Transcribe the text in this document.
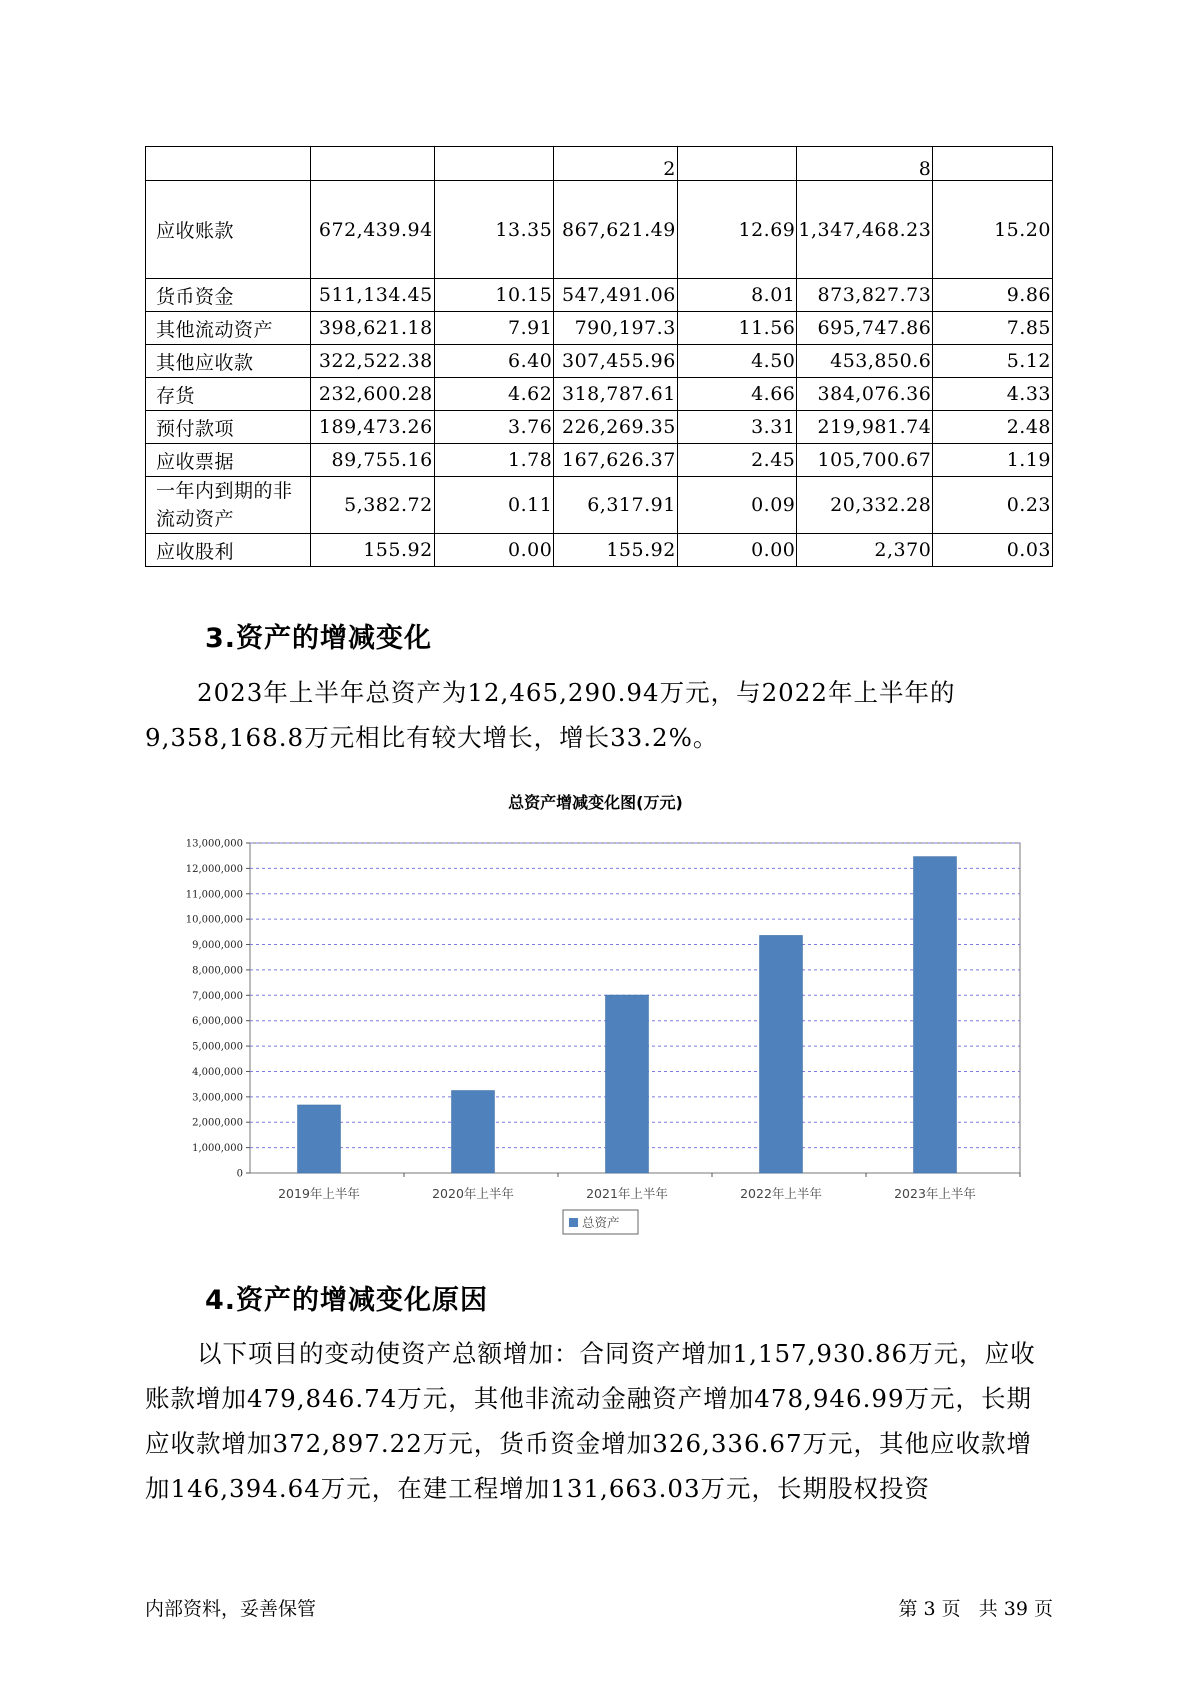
			2		8	
应收账款	672,439.94	13.35	867,621.49	12.69	1,347,468.23	15.20
货币资金	511,134.45	10.15	547,491.06	8.01	873,827.73	9.86
其他流动资产	398,621.18	7.91	790,197.3	11.56	695,747.86	7.85
其他应收款	322,522.38	6.40	307,455.96	4.50	453,850.6	5.12
存货	232,600.28	4.62	318,787.61	4.66	384,076.36	4.33
预付款项	189,473.26	3.76	226,269.35	3.31	219,981.74	2.48
应收票据	89,755.16	1.78	167,626.37	2.45	105,700.67	1.19
一年内到期的非流动资产	5,382.72	0.11	6,317.91	0.09	20,332.28	0.23
应收股利	155.92	0.00	155.92	0.00	2,370	0.03
3.资产的增减变化

2023年上半年总资产为12,465,290.94万元，与2022年上半年的9,358,168.8万元相比有较大增长，增长33.2%。

总资产增减变化图(万元)
0
1,000,000
2,000,000
3,000,000
4,000,000
5,000,000
6,000,000
7,000,000
8,000,000
9,000,000
10,000,000
11,000,000
12,000,000
13,000,000
2019年上半年	2020年上半年	2021年上半年	2022年上半年	2023年上半年
总资产
4.资产的增减变化原因

以下项目的变动使资产总额增加：合同资产增加1,157,930.86万元，应收账款增加479,846.74万元，其他非流动金融资产增加478,946.99万元，长期应收款增加372,897.22万元，货币资金增加326,336.67万元，其他应收款增加146,394.64万元，在建工程增加131,663.03万元，长期股权投资

内部资料，妥善保管	第 3 页   共 39 页
